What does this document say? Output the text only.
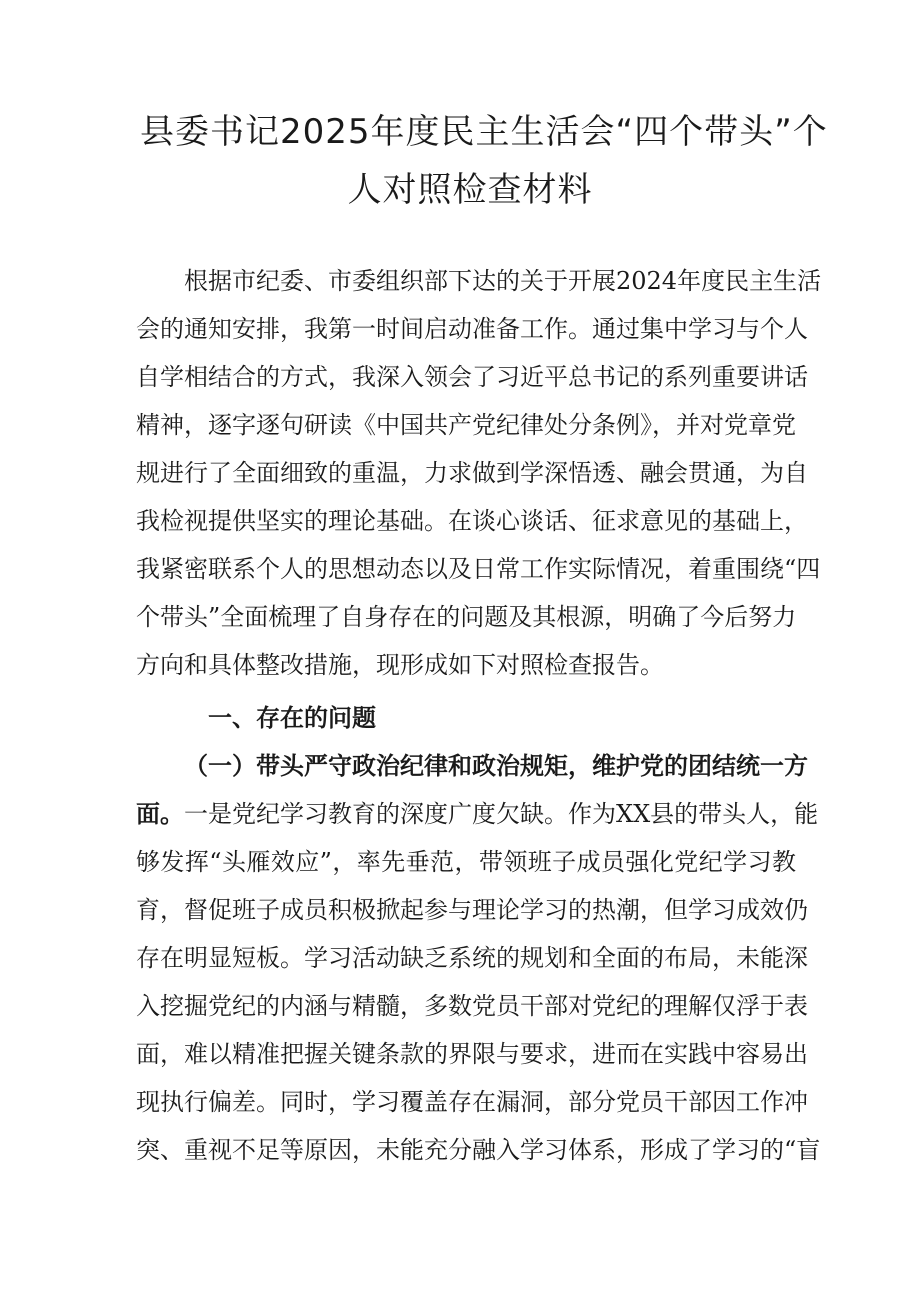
县委书记2025年度民主生活会“四个带头”个
人对照检查材料
根据市纪委、市委组织部下达的关于开展2024年度民主生活
会的通知安排，我第一时间启动准备工作。通过集中学习与个人
自学相结合的方式，我深入领会了习近平总书记的系列重要讲话
精神，逐字逐句研读《中国共产党纪律处分条例》，并对党章党
规进行了全面细致的重温，力求做到学深悟透、融会贯通，为自
我检视提供坚实的理论基础。在谈心谈话、征求意见的基础上，
我紧密联系个人的思想动态以及日常工作实际情况，着重围绕“四
个带头”全面梳理了自身存在的问题及其根源，明确了今后努力
方向和具体整改措施，现形成如下对照检查报告。
一、存在的问题
（一）带头严守政治纪律和政治规矩，维护党的团结统一方
面。一是党纪学习教育的深度广度欠缺。作为XX县的带头人，能
够发挥“头雁效应”，率先垂范，带领班子成员强化党纪学习教
育，督促班子成员积极掀起参与理论学习的热潮，但学习成效仍
存在明显短板。学习活动缺乏系统的规划和全面的布局，未能深
入挖掘党纪的内涵与精髓，多数党员干部对党纪的理解仅浮于表
面，难以精准把握关键条款的界限与要求，进而在实践中容易出
现执行偏差。同时，学习覆盖存在漏洞，部分党员干部因工作冲
突、重视不足等原因，未能充分融入学习体系，形成了学习的“盲
